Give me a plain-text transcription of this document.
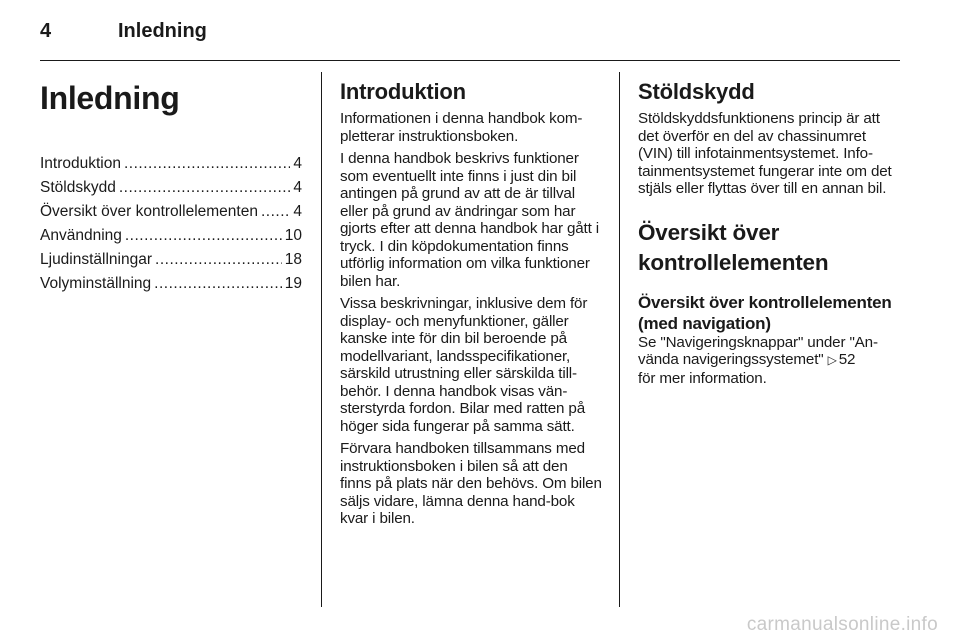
4	Inledning
Inledning
Introduktion .....	4
Stöldskydd .....	4
Översikt över kontrollelementen ..... 4
Användning .....	10
Ljudinställningar .....	18
Volyminställning .....	19
Introduktion

Informationen i denna handbok kom-pletterar instruktionsboken.

I denna handbok beskrivs funktioner som eventuellt inte finns i just din bil antingen på grund av att de är tillval eller på grund av ändringar som har gjorts efter att denna handbok har gått i tryck. I din köpdokumentation finns utförlig information om vilka funktioner bilen har.

Vissa beskrivningar, inklusive dem för display- och menyfunktioner, gäller kanske inte för din bil beroende på modellvariant, landsspecifikationer, särskild utrustning eller särskilda till-behör. I denna handbok visas vän-sterstyrda fordon. Bilar med ratten på höger sida fungerar på samma sätt.

Förvara handboken tillsammans med instruktionsboken i bilen så att den finns på plats när den behövs. Om bilen säljs vidare, lämna denna hand-bok kvar i bilen.

Stöldskydd

Stöldskyddsfunktionens princip är att det överför en del av chassinumret (VIN) till infotainmentsystemet. Info-tainmentsystemet fungerar inte om det stjäls eller flyttas över till en annan bil.

Översikt över kontrollelementen
Översikt över kontrollelementen (med navigation)

Se "Navigeringsknappar" under "An-vända navigeringssystemet" ▷ 52
för mer information.

carmanualsonline.info
